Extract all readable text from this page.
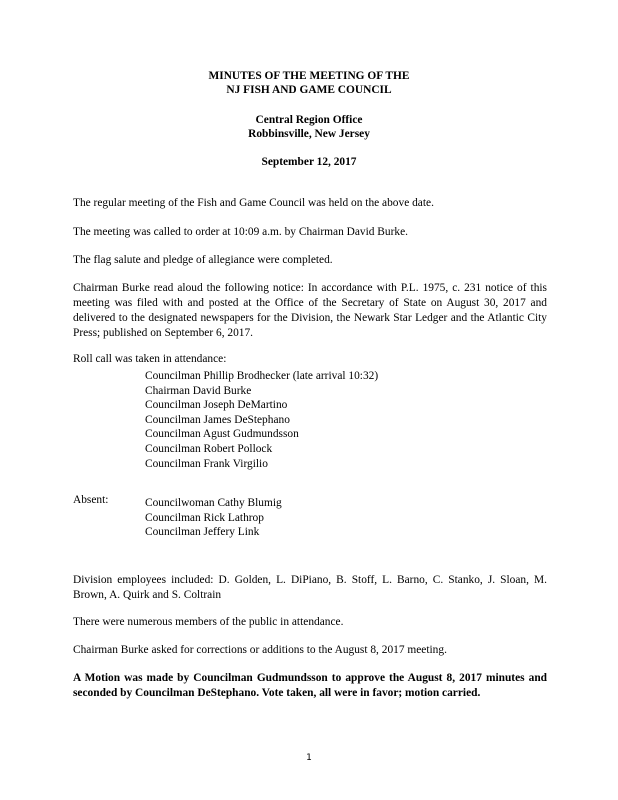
MINUTES OF THE MEETING OF THE
NJ FISH AND GAME COUNCIL
Central Region Office
Robbinsville, New Jersey
September 12, 2017

The regular meeting of the Fish and Game Council was held on the above date.

The meeting was called to order at 10:09 a.m. by Chairman David Burke.

The flag salute and pledge of allegiance were completed.

Chairman Burke read aloud the following notice: In accordance with P.L. 1975, c. 231 notice of this meeting was filed with and posted at the Office of the Secretary of State on August 30, 2017 and delivered to the designated newspapers for the Division, the Newark Star Ledger and the Atlantic City Press; published on September 6, 2017.

Roll call was taken in attendance:

Councilman Phillip Brodhecker (late arrival 10:32)
Chairman David Burke
Councilman Joseph DeMartino
Councilman James DeStephano
Councilman Agust Gudmundsson
Councilman Robert Pollock
Councilman Frank Virgilio

Absent:	Councilwoman Cathy Blumig
Councilman Rick Lathrop
Councilman Jeffery Link

Division employees included: D. Golden, L. DiPiano, B. Stoff, L. Barno, C. Stanko, J. Sloan, M. Brown, A. Quirk and S. Coltrain

There were numerous members of the public in attendance.

Chairman Burke asked for corrections or additions to the August 8, 2017 meeting.

A Motion was made by Councilman Gudmundsson to approve the August 8, 2017 minutes and seconded by Councilman DeStephano. Vote taken, all were in favor; motion carried.

1
